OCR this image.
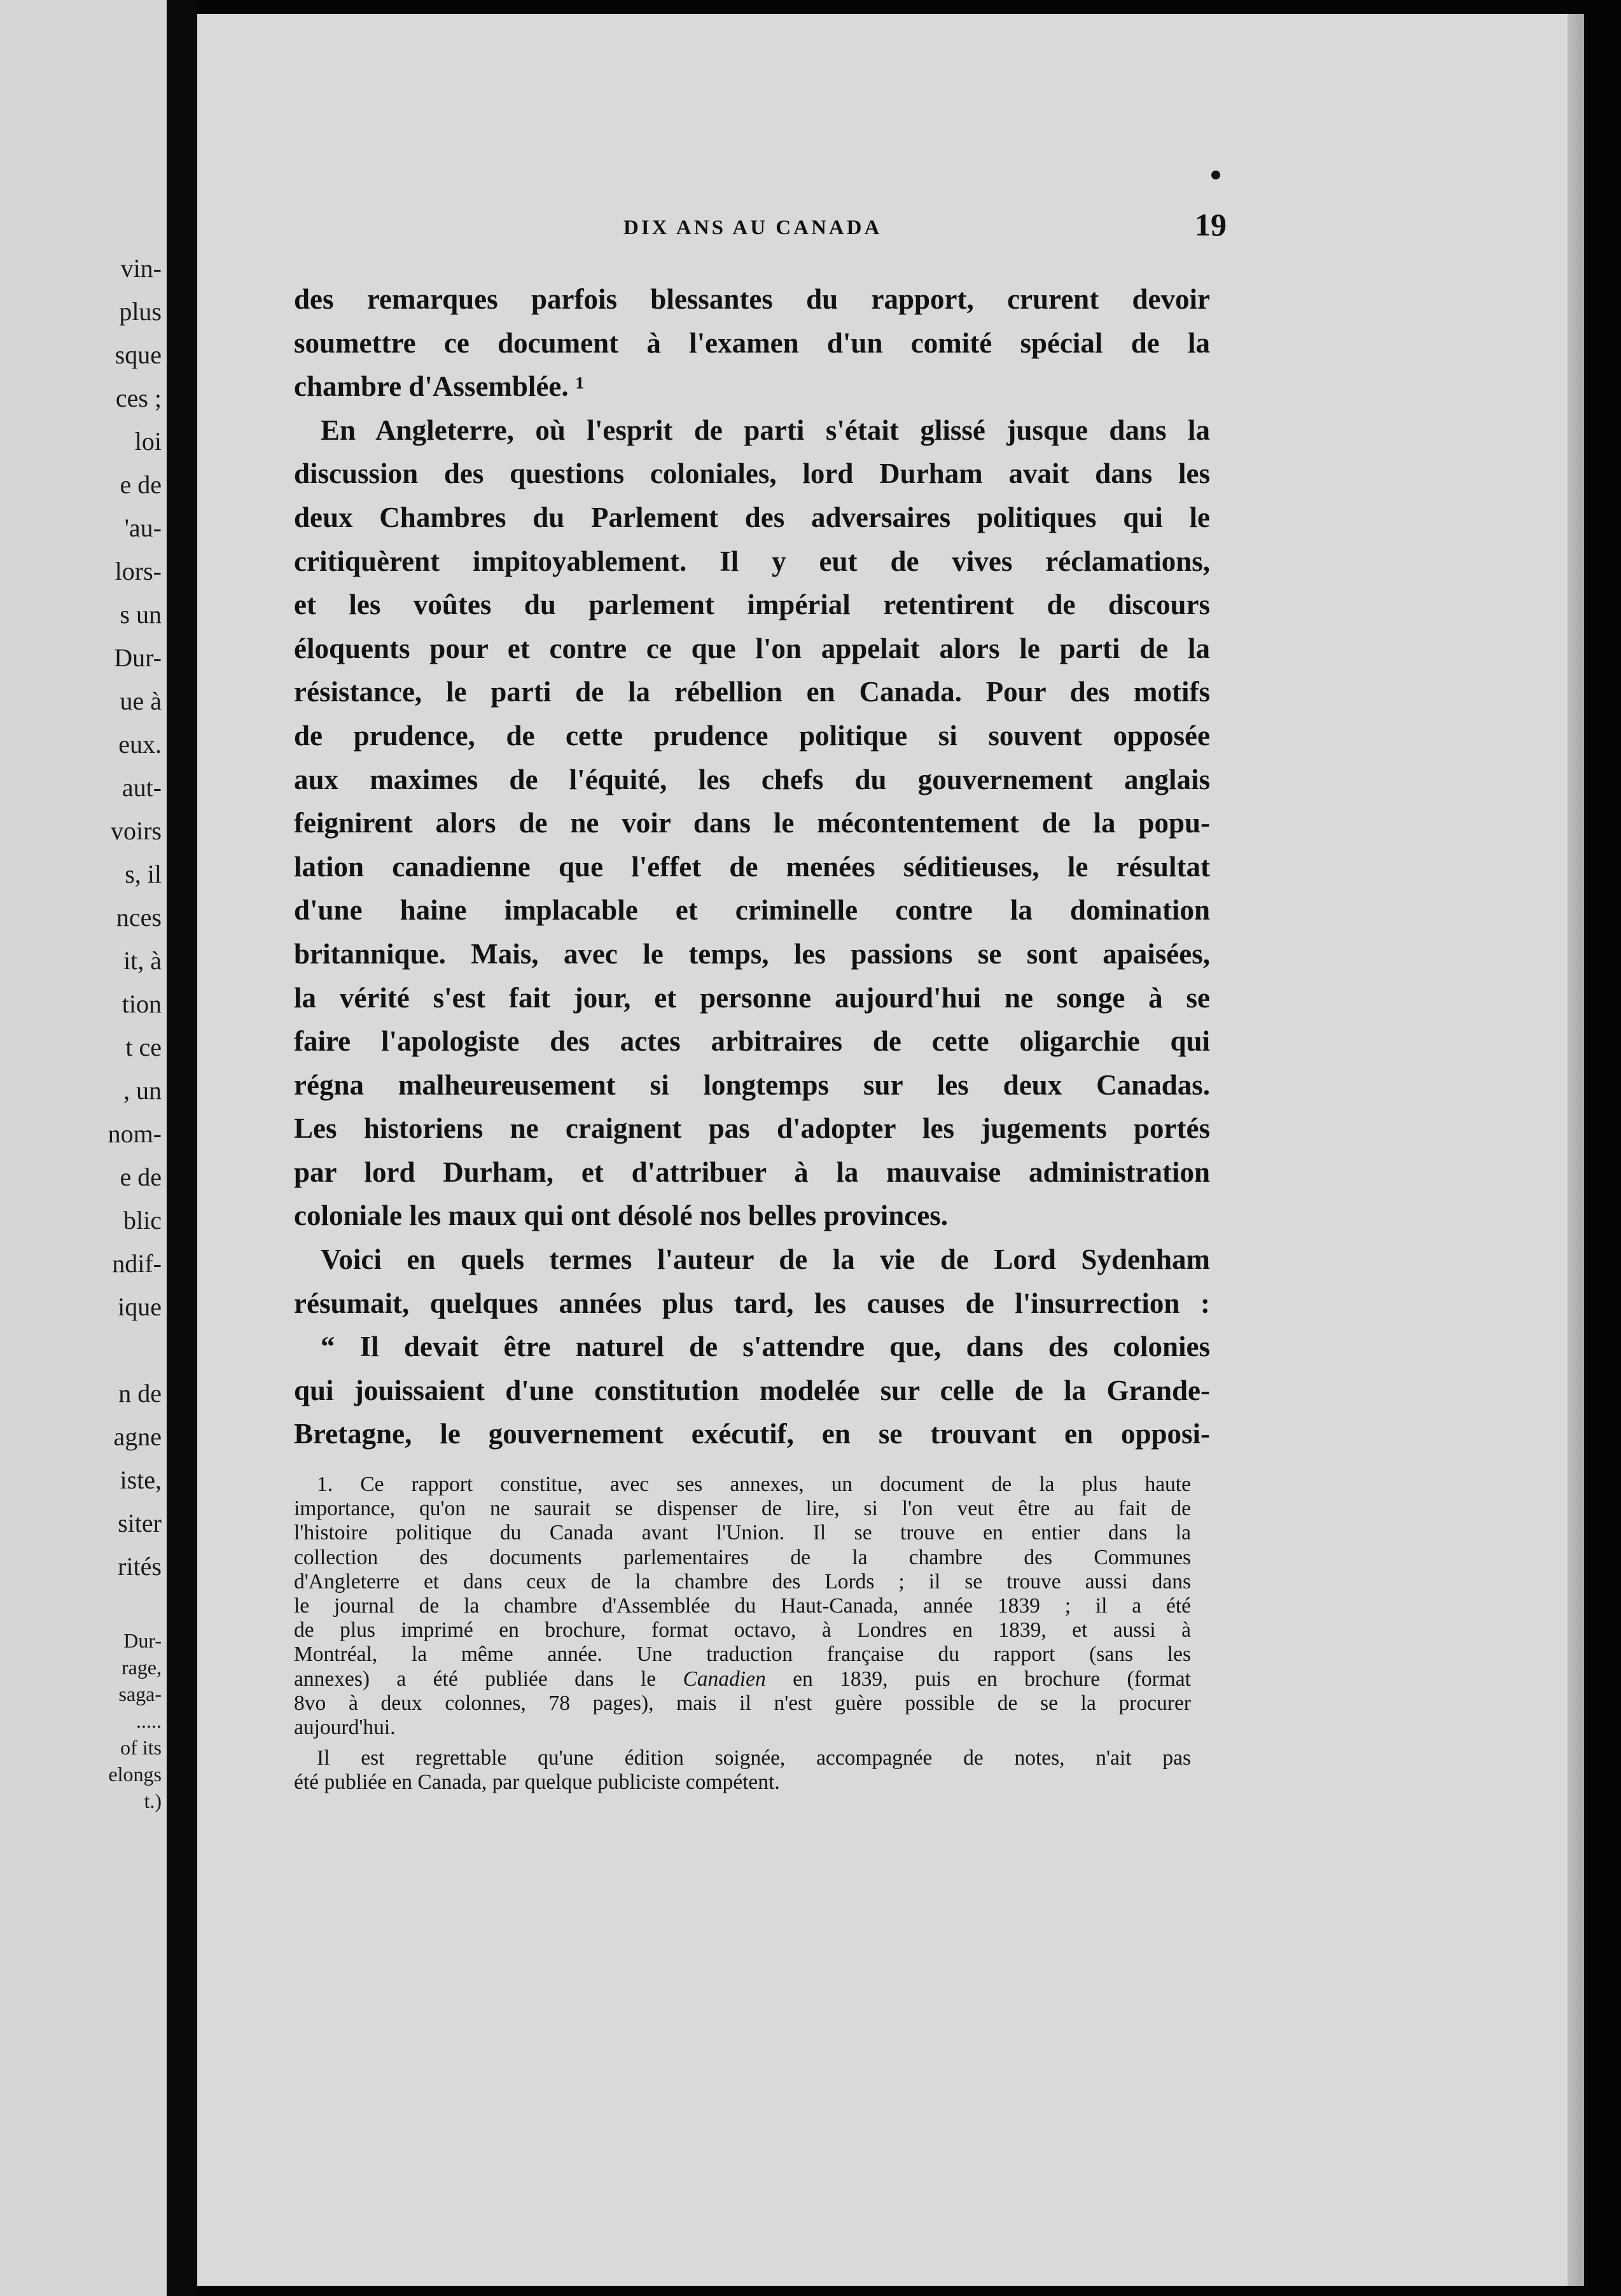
vin-
plus
sque
ces ;
loi
e de
'au-
lors-
s un
Dur-
ue à
eux.
aut-
voirs
s, il
nces
it, à
tion
t ce
, un
nom-
e de
blic
ndif-
ique
n de
agne
iste,
siter
rités
Dur-
rage,
saga-
.....
of its
elongs
t.)
DIX ANS AU CANADA	19
des remarques parfois blessantes du rapport, crurent devoir
soumettre ce document à l'examen d'un comité spécial de la
chambre d'Assemblée. ¹
En Angleterre, où l'esprit de parti s'était glissé jusque dans la
discussion des questions coloniales, lord Durham avait dans les
deux Chambres du Parlement des adversaires politiques qui le
critiquèrent impitoyablement. Il y eut de vives réclamations,
et les voûtes du parlement impérial retentirent de discours
éloquents pour et contre ce que l'on appelait alors le parti de la
résistance, le parti de la rébellion en Canada. Pour des motifs
de prudence, de cette prudence politique si souvent opposée
aux maximes de l'équité, les chefs du gouvernement anglais
feignirent alors de ne voir dans le mécontentement de la popu-
lation canadienne que l'effet de menées séditieuses, le résultat
d'une haine implacable et criminelle contre la domination
britannique. Mais, avec le temps, les passions se sont apaisées,
la vérité s'est fait jour, et personne aujourd'hui ne songe à se
faire l'apologiste des actes arbitraires de cette oligarchie qui
régna malheureusement si longtemps sur les deux Canadas.
Les historiens ne craignent pas d'adopter les jugements portés
par lord Durham, et d'attribuer à la mauvaise administration
coloniale les maux qui ont désolé nos belles provinces.
Voici en quels termes l'auteur de la vie de Lord Sydenham
résumait, quelques années plus tard, les causes de l'insurrection :
“ Il devait être naturel de s'attendre que, dans des colonies
qui jouissaient d'une constitution modelée sur celle de la Grande-
Bretagne, le gouvernement exécutif, en se trouvant en opposi-
1. Ce rapport constitue, avec ses annexes, un document de la plus haute
importance, qu'on ne saurait se dispenser de lire, si l'on veut être au fait de
l'histoire politique du Canada avant l'Union. Il se trouve en entier dans la
collection des documents parlementaires de la chambre des Communes
d'Angleterre et dans ceux de la chambre des Lords ; il se trouve aussi dans
le journal de la chambre d'Assemblée du Haut-Canada, année 1839 ; il a été
de plus imprimé en brochure, format octavo, à Londres en 1839, et aussi à
Montréal, la même année. Une traduction française du rapport (sans les
annexes) a été publiée dans le Canadien en 1839, puis en brochure (format
8vo à deux colonnes, 78 pages), mais il n'est guère possible de se la procurer
aujourd'hui.
Il est regrettable qu'une édition soignée, accompagnée de notes, n'ait pas
été publiée en Canada, par quelque publiciste compétent.
